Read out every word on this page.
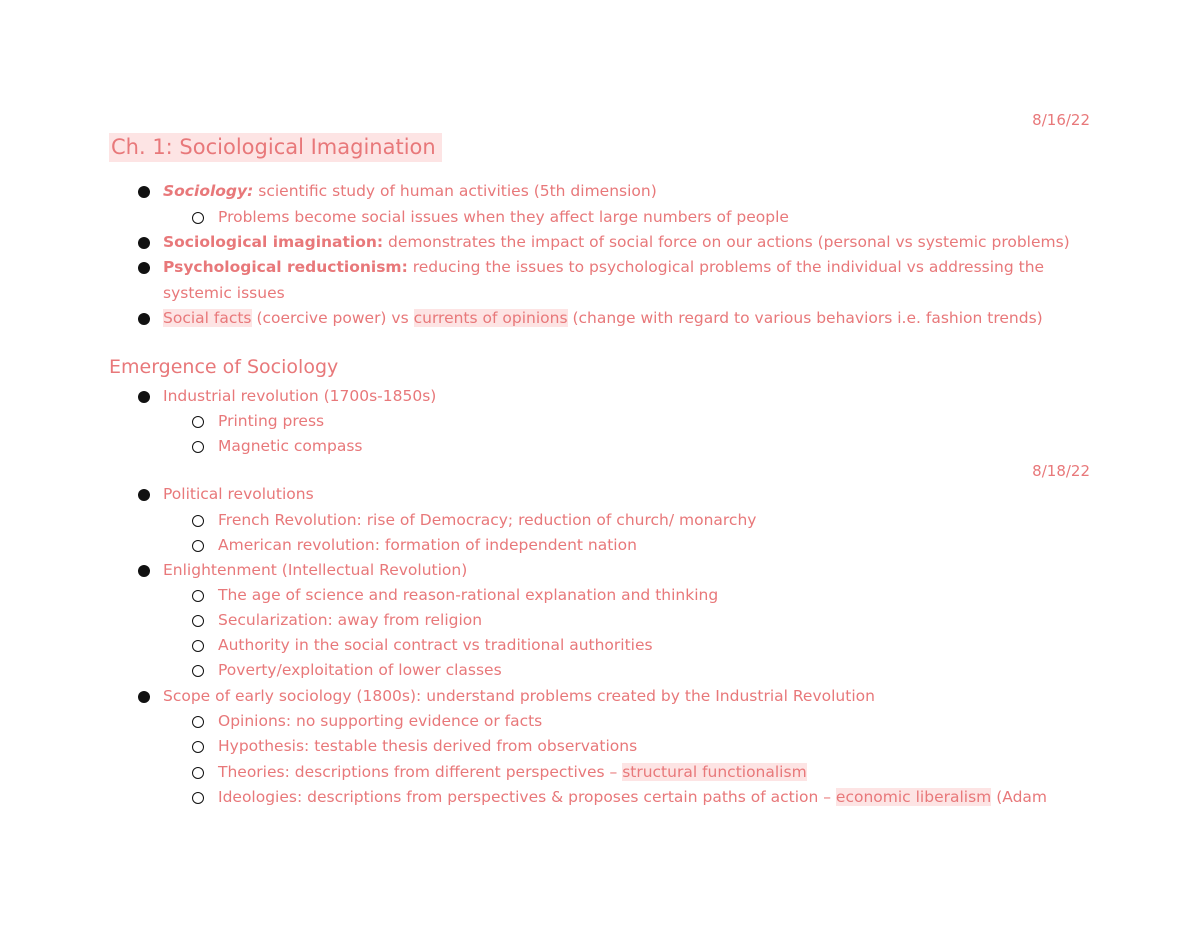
8/16/22
Ch. 1: Sociological Imagination
Sociology: scientific study of human activities (5th dimension)
Problems become social issues when they affect large numbers of people
Sociological imagination: demonstrates the impact of social force on our actions (personal vs systemic problems)
Psychological reductionism: reducing the issues to psychological problems of the individual vs addressing the
systemic issues
Social facts (coercive power) vs currents of opinions (change with regard to various behaviors i.e. fashion trends)
Emergence of Sociology
Industrial revolution (1700s-1850s)
Printing press
Magnetic compass
8/18/22
Political revolutions
French Revolution: rise of Democracy; reduction of church/ monarchy
American revolution: formation of independent nation
Enlightenment (Intellectual Revolution)
The age of science and reason-rational explanation and thinking
Secularization: away from religion
Authority in the social contract vs traditional authorities
Poverty/exploitation of lower classes
Scope of early sociology (1800s): understand problems created by the Industrial Revolution
Opinions: no supporting evidence or facts
Hypothesis: testable thesis derived from observations
Theories: descriptions from different perspectives – structural functionalism
Ideologies: descriptions from perspectives & proposes certain paths of action – economic liberalism (Adam
